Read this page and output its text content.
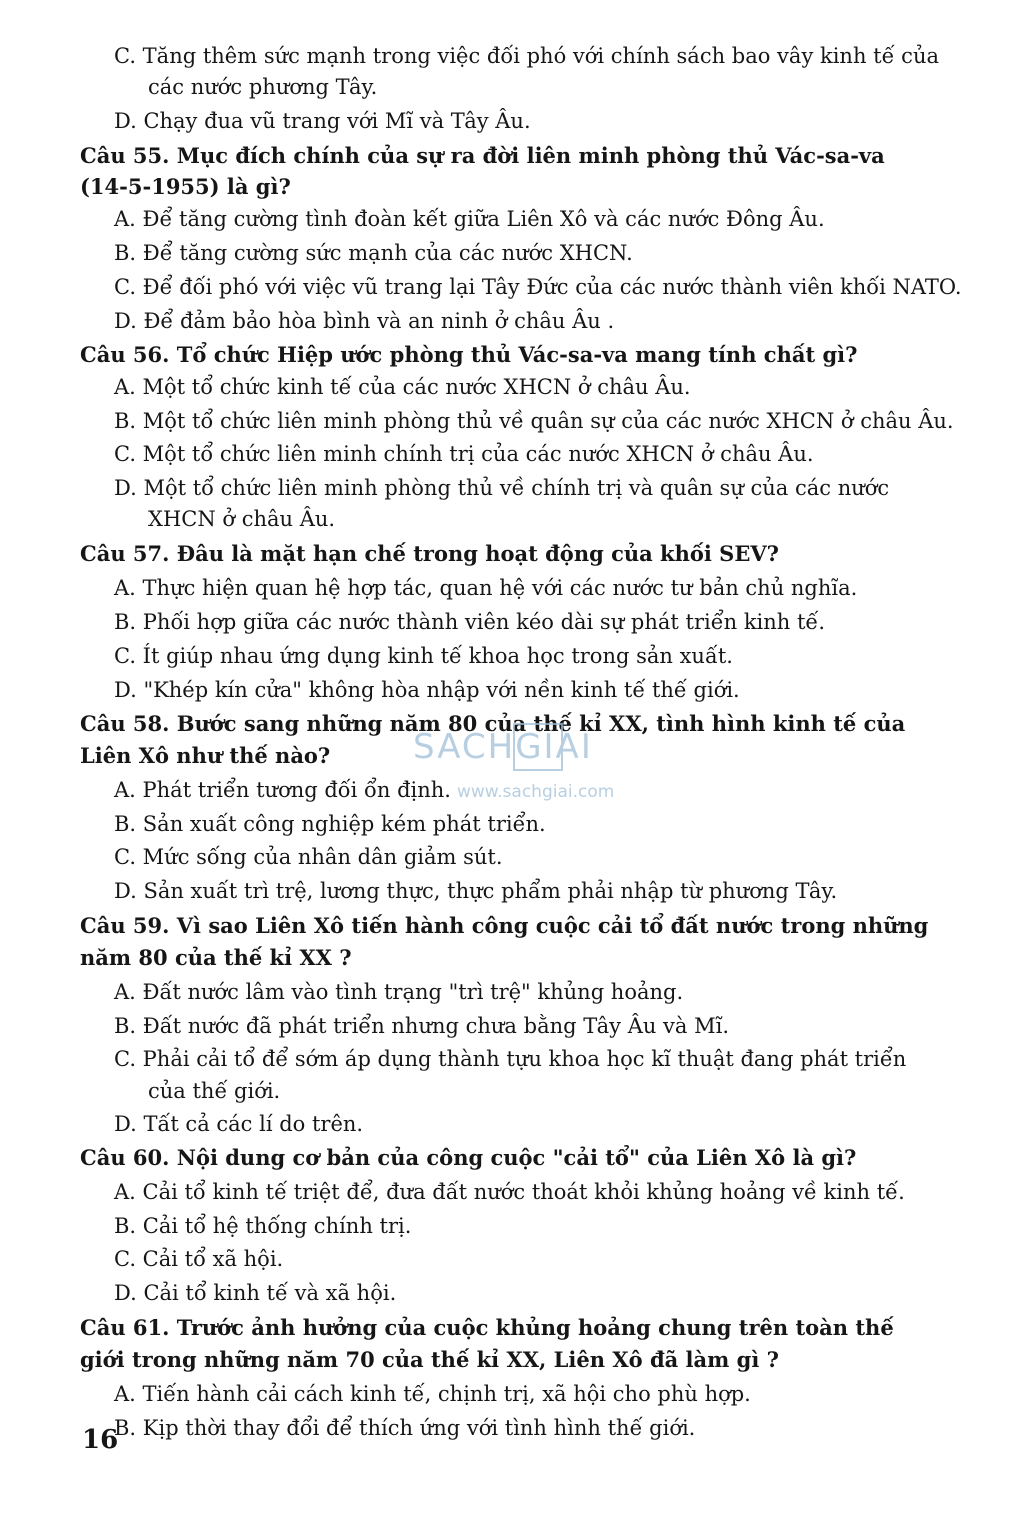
C. Tăng thêm sức mạnh trong việc đối phó với chính sách bao vây kinh tế của
các nước phương Tây.
D. Chạy đua vũ trang với Mĩ và Tây Âu.
Câu 55. Mục đích chính của sự ra đời liên minh phòng thủ Vác-sa-va
(14-5-1955) là gì?
A. Để tăng cường tình đoàn kết giữa Liên Xô và các nước Đông Âu.
B. Để tăng cường sức mạnh của các nước XHCN.
C. Để đối phó với việc vũ trang lại Tây Đức của các nước thành viên khối NATO.
D. Để đảm bảo hòa bình và an ninh ở châu Âu .
Câu 56. Tổ chức Hiệp ước phòng thủ Vác-sa-va mang tính chất gì?
A. Một tổ chức kinh tế của các nước XHCN ở châu Âu.
B. Một tổ chức liên minh phòng thủ về quân sự của các nước XHCN ở châu Âu.
C. Một tổ chức liên minh chính trị của các nước XHCN ở châu Âu.
D. Một tổ chức liên minh phòng thủ về chính trị và quân sự của các nước
XHCN ở châu Âu.
Câu 57. Đâu là mặt hạn chế trong hoạt động của khối SEV?
A. Thực hiện quan hệ hợp tác, quan hệ với các nước tư bản chủ nghĩa.
B. Phối hợp giữa các nước thành viên kéo dài sự phát triển kinh tế.
C. Ít giúp nhau ứng dụng kinh tế khoa học trong sản xuất.
D. "Khép kín cửa" không hòa nhập với nền kinh tế thế giới.
Câu 58. Bước sang những năm 80 của thế kỉ XX, tình hình kinh tế của
Liên Xô như thế nào?
A. Phát triển tương đối ổn định.
B. Sản xuất công nghiệp kém phát triển.
C. Mức sống của nhân dân giảm sút.
D. Sản xuất trì trệ, lương thực, thực phẩm phải nhập từ phương Tây.
Câu 59. Vì sao Liên Xô tiến hành công cuộc cải tổ đất nước trong những
năm 80 của thế kỉ XX ?
A. Đất nước lâm vào tình trạng "trì trệ" khủng hoảng.
B. Đất nước đã phát triển nhưng chưa bằng Tây Âu và Mĩ.
C. Phải cải tổ để sớm áp dụng thành tựu khoa học kĩ thuật đang phát triển
của thế giới.
D. Tất cả các lí do trên.
Câu 60. Nội dung cơ bản của công cuộc "cải tổ" của Liên Xô là gì?
A. Cải tổ kinh tế triệt để, đưa đất nước thoát khỏi khủng hoảng về kinh tế.
B. Cải tổ hệ thống chính trị.
C. Cải tổ xã hội.
D. Cải tổ kinh tế và xã hội.
Câu 61. Trước ảnh hưởng của cuộc khủng hoảng chung trên toàn thế
giới trong những năm 70 của thế kỉ XX, Liên Xô đã làm gì ?
A. Tiến hành cải cách kinh tế, chịnh trị, xã hội cho phù hợp.
B. Kịp thời thay đổi để thích ứng với tình hình thế giới.
16
SACHGIAI
www.sachgiai.com
